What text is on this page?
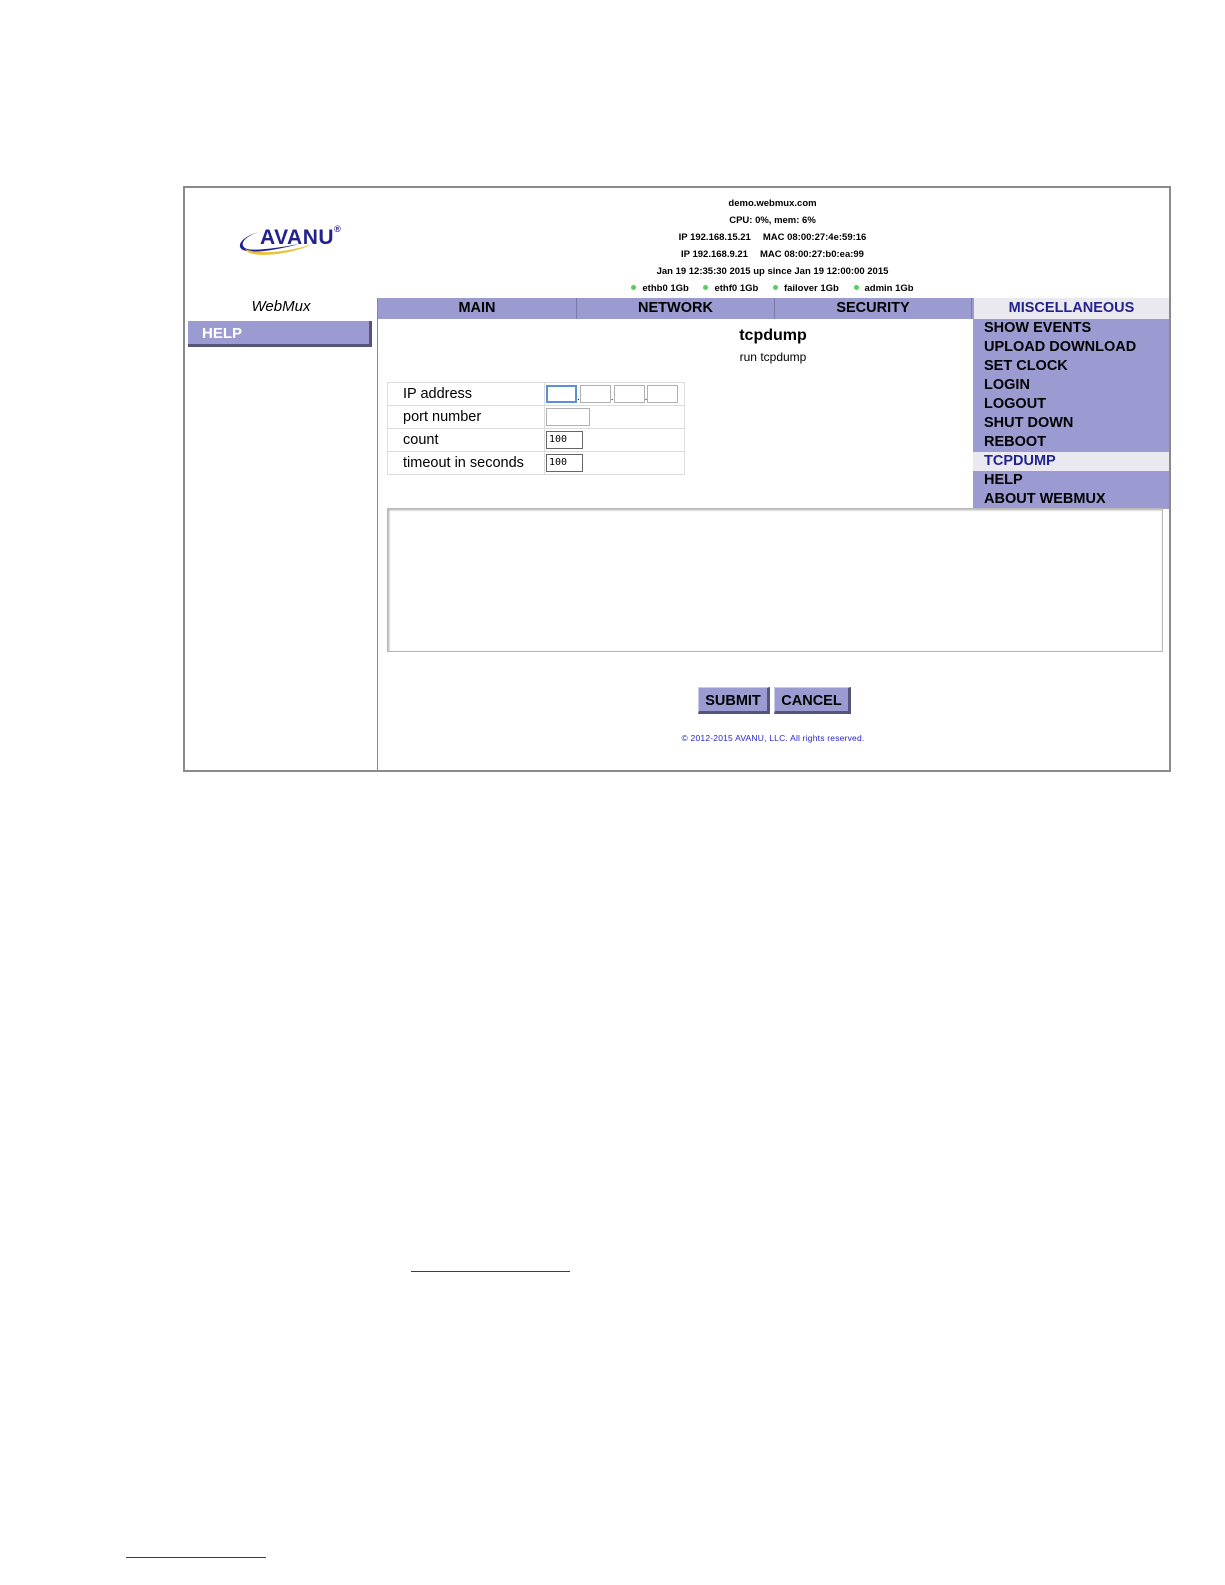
AVANU®
demo.webmux.com
CPU: 0%, mem: 6%
IP 192.168.15.21 MAC 08:00:27:4e:59:16
IP 192.168.9.21 MAC 08:00:27:b0:ea:99
Jan 19 12:35:30 2015 up since Jan 19 12:00:00 2015
ethb0 1Gb	ethf0 1Gb	failover 1Gb	admin 1Gb
WebMux
HELP
MAIN	NETWORK	SECURITY	MISCELLANEOUS
SHOW EVENTS
UPLOAD DOWNLOAD
SET CLOCK
LOGIN
LOGOUT
SHUT DOWN
REBOOT
TCPDUMP
HELP
ABOUT WEBMUX
tcpdump
run tcpdump
IP address	. . .
port number	
count	100
timeout in seconds	100
SUBMIT	CANCEL
© 2012-2015 AVANU, LLC. All rights reserved.
